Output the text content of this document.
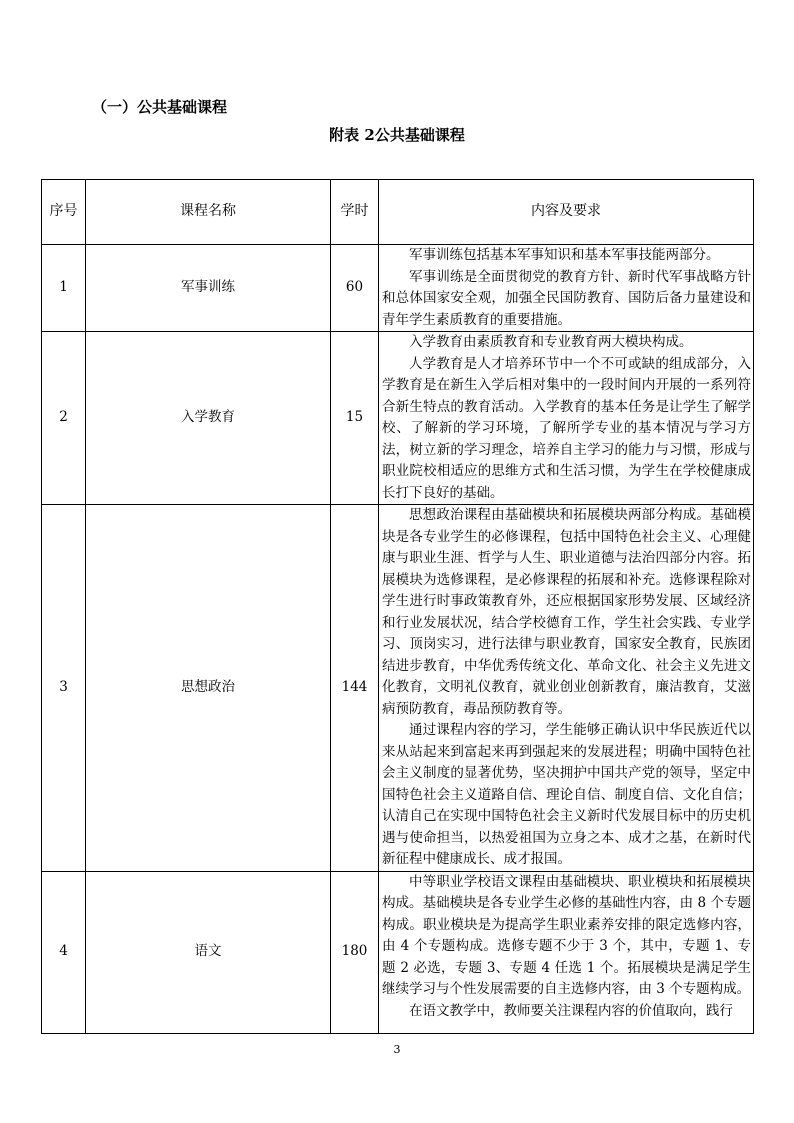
（一）公共基础课程

附表 2公共基础课程

序号	课程名称	学时	内容及要求
1	军事训练	60	军事训练包括基本军事知识和基本军事技能两部分。

军事训练是全面贯彻党的教育方针、新时代军事战略方针和总体国家安全观，加强全民国防教育、国防后备力量建设和青年学生素质教育的重要措施。

2	入学教育	15	入学教育由素质教育和专业教育两大模块构成。

人学教育是人才培养环节中一个不可或缺的组成部分，入学教育是在新生入学后相对集中的一段时间内开展的一系列符合新生特点的教育活动。入学教育的基本任务是让学生了解学校、了解新的学习环境，了解所学专业的基本情况与学习方法，树立新的学习理念，培养自主学习的能力与习惯，形成与职业院校相适应的思维方式和生活习惯，为学生在学校健康成长打下良好的基础。

3	思想政治	144	思想政治课程由基础模块和拓展模块两部分构成。基础模块是各专业学生的必修课程，包括中国特色社会主义、心理健康与职业生涯、哲学与人生、职业道德与法治四部分内容。拓展模块为选修课程，是必修课程的拓展和补充。选修课程除对学生进行时事政策教育外，还应根据国家形势发展、区域经济和行业发展状况，结合学校德育工作，学生社会实践、专业学习、顶岗实习，进行法律与职业教育，国家安全教育，民族团结进步教育，中华优秀传统文化、革命文化、社会主义先进文化教育，文明礼仪教育，就业创业创新教育，廉洁教育，艾滋病预防教育，毒品预防教育等。

通过课程内容的学习，学生能够正确认识中华民族近代以来从站起来到富起来再到强起来的发展进程；明确中国特色社会主义制度的显著优势，坚决拥护中国共产党的领导，坚定中国特色社会主义道路自信、理论自信、制度自信、文化自信；认清自己在实现中国特色社会主义新时代发展目标中的历史机遇与使命担当，以热爱祖国为立身之本、成才之基，在新时代新征程中健康成长、成才报国。

4	语文	180	中等职业学校语文课程由基础模块、职业模块和拓展模块构成。基础模块是各专业学生必修的基础性内容，由 8 个专题构成。职业模块是为提高学生职业素养安排的限定选修内容，由 4 个专题构成。选修专题不少于 3 个，其中，专题 1、专题 2 必选，专题 3、专题 4 任选 1 个。拓展模块是满足学生继续学习与个性发展需要的自主选修内容，由 3 个专题构成。

在语文教学中，教师要关注课程内容的价值取向，践行

3
